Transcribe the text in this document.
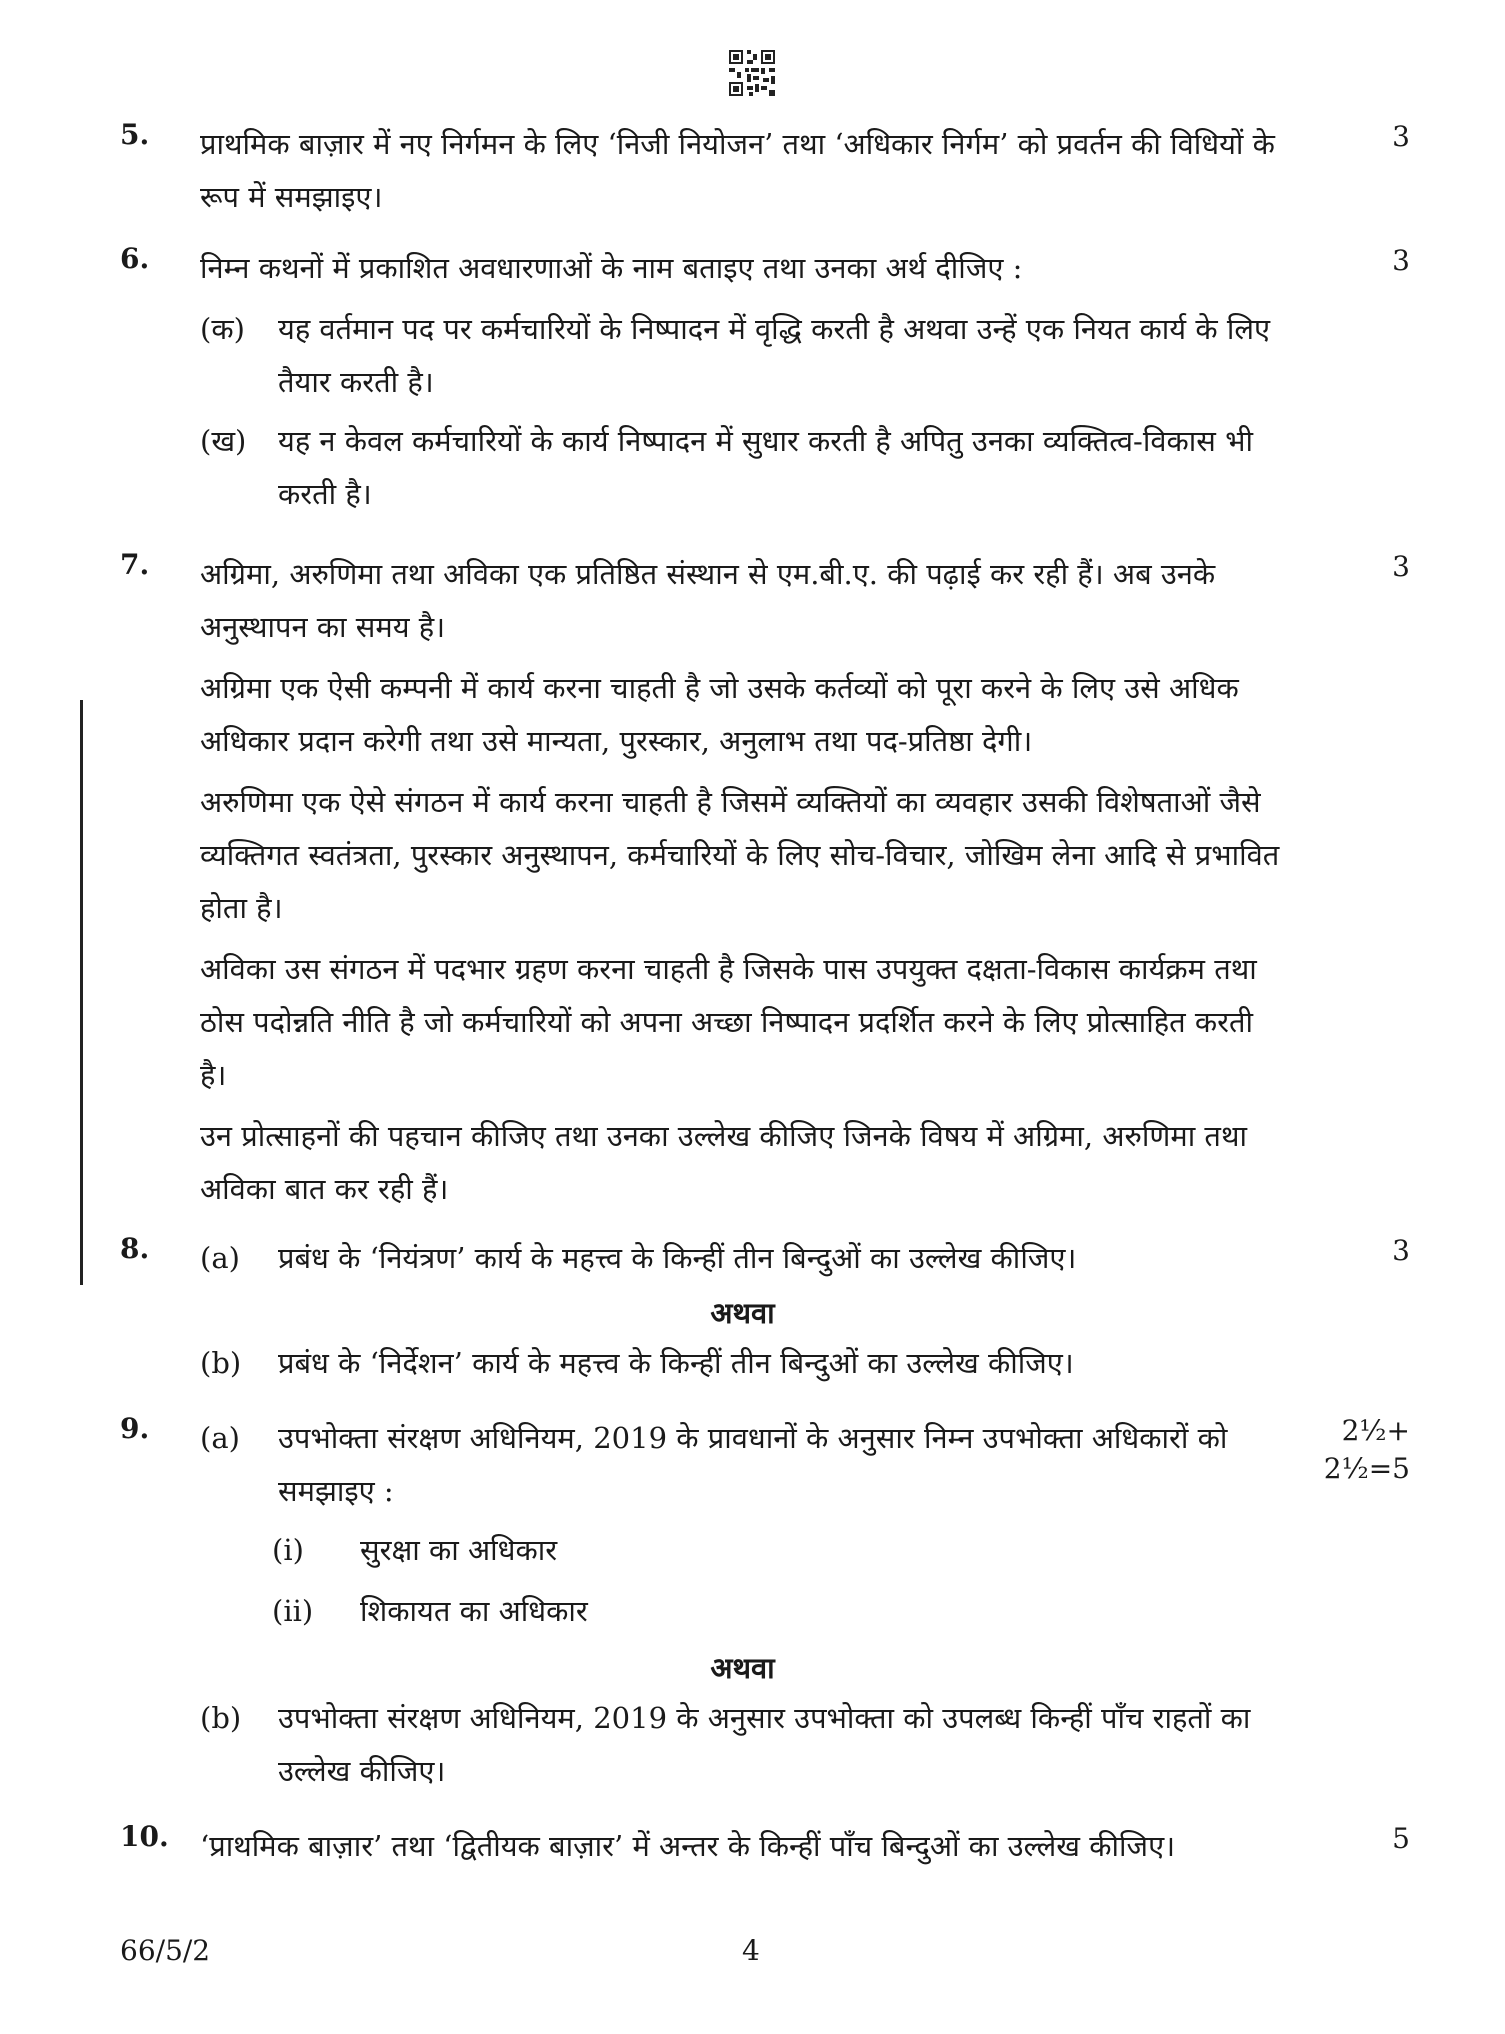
5.	प्राथमिक बाज़ार में नए निर्गमन के लिए ‘निजी नियोजन’ तथा ‘अधिकार निर्गम’ को प्रवर्तन की विधियों के रूप में समझाइए।
3
6.	निम्न कथनों में प्रकाशित अवधारणाओं के नाम बताइए तथा उनका अर्थ दीजिए :

(क) यह वर्तमान पद पर कर्मचारियों के निष्पादन में वृद्धि करती है अथवा उन्हें एक नियत कार्य के लिए तैयार करती है।
(ख) यह न केवल कर्मचारियों के कार्य निष्पादन में सुधार करती है अपितु उनका व्यक्तित्व-विकास भी करती है।
3
7.	अग्रिमा, अरुणिमा तथा अविका एक प्रतिष्ठित संस्थान से एम.बी.ए. की पढ़ाई कर रही हैं। अब उनके अनुस्थापन का समय है।

अग्रिमा एक ऐसी कम्पनी में कार्य करना चाहती है जो उसके कर्तव्यों को पूरा करने के लिए उसे अधिक अधिकार प्रदान करेगी तथा उसे मान्यता, पुरस्कार, अनुलाभ तथा पद-प्रतिष्ठा देगी।

अरुणिमा एक ऐसे संगठन में कार्य करना चाहती है जिसमें व्यक्तियों का व्यवहार उसकी विशेषताओं जैसे व्यक्तिगत स्वतंत्रता, पुरस्कार अनुस्थापन, कर्मचारियों के लिए सोच-विचार, जोखिम लेना आदि से प्रभावित होता है।

अविका उस संगठन में पदभार ग्रहण करना चाहती है जिसके पास उपयुक्त दक्षता-विकास कार्यक्रम तथा ठोस पदोन्नति नीति है जो कर्मचारियों को अपना अच्छा निष्पादन प्रदर्शित करने के लिए प्रोत्साहित करती है।

उन प्रोत्साहनों की पहचान कीजिए तथा उनका उल्लेख कीजिए जिनके विषय में अग्रिमा, अरुणिमा तथा अविका बात कर रही हैं।

3
8.	(a) प्रबंध के ‘नियंत्रण’ कार्य के महत्त्व के किन्हीं तीन बिन्दुओं का उल्लेख कीजिए।
अथवा
(b) प्रबंध के ‘निर्देशन’ कार्य के महत्त्व के किन्हीं तीन बिन्दुओं का उल्लेख कीजिए।
3
9.	(a) उपभोक्ता संरक्षण अधिनियम, 2019 के प्रावधानों के अनुसार निम्न उपभोक्ता अधिकारों को समझाइए :
(i) सुरक्षा का अधिकार
(ii) शिकायत का अधिकार
अथवा
(b) उपभोक्ता संरक्षण अधिनियम, 2019 के अनुसार उपभोक्ता को उपलब्ध किन्हीं पाँच राहतों का उल्लेख कीजिए।
2½+
2½=5
10.	‘प्राथमिक बाज़ार’ तथा ‘द्वितीयक बाज़ार’ में अन्तर के किन्हीं पाँच बिन्दुओं का उल्लेख कीजिए।	5
66/5/2	4
